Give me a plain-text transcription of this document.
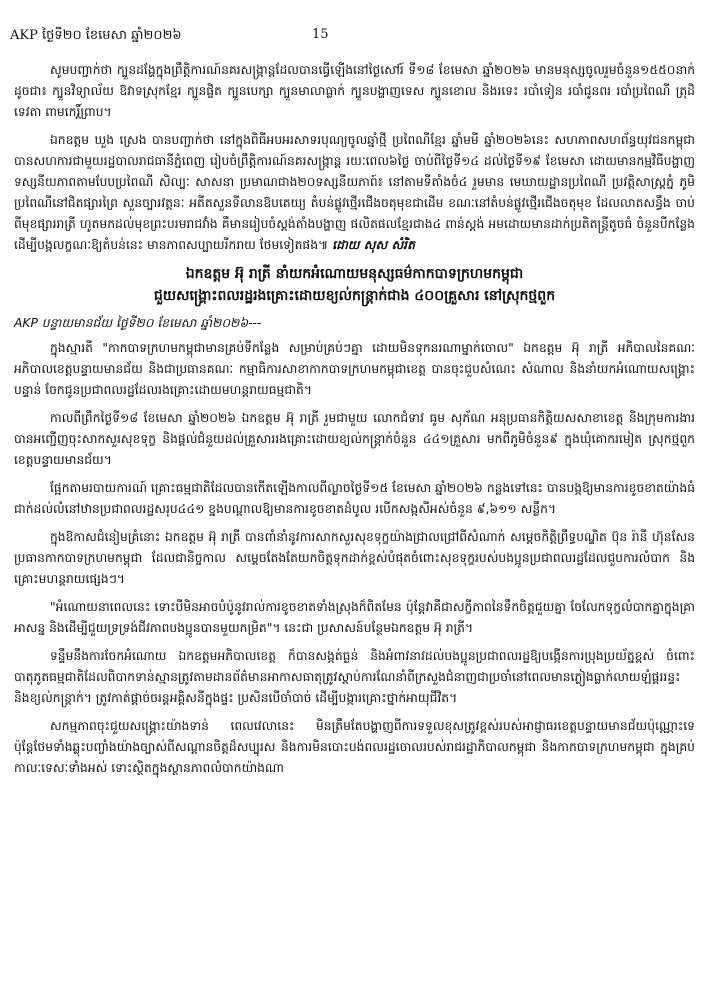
AKP ថ្ងៃទី២០ ខែមេសា ឆ្នាំ២០២៦	15

សូមបញ្ជាក់ថា ក្បួនដង្ហែក្នុងព្រឹត្តិការណ៍នគរសង្ក្រាន្តដែលបានធ្វើឡើងនៅថ្ងៃសៅរ៍ ទី១៨ ខែមេសា ឆ្នាំ២០២៦ មានមនុស្សចូលរួមចំនួន១៥៥០នាក់ ដូចជា៖ ក្បួនវិទ្យាល័យ ឱវាទស្រុកខ្មែរ ក្បួនផ្ចិត ក្បួនបេក្សា ក្បួនមាលាធ្លាក់ ក្បួនបង្ហាញទេស ក្បួនខោល និងរទេះ របាំទៀន របាំជូនពរ របាំប្រពៃណី ត្រុដិ ទេវតា ពាមកេរ្តិ៍ព្រាប។

ឯកឧត្តម ឃួង ស្រេង បានបញ្ជាក់ថា នៅក្នុងពិធីអបអរសាទរបុណ្យចូលឆ្នាំថ្មី ប្រពៃណីខ្មែរ ឆ្នាំមមី ឆ្នាំ២០២៦នេះ សហភាពសហព័ន្ធយុវជនកម្ពុជា បានសហការជាមួយរដ្ឋបាលរាជធានីភ្នំពេញ រៀបចំព្រឹត្តិការណ៍នគរសង្ក្រាន្ត រយៈពេល៦ថ្ងៃ ចាប់ពីថ្ងៃទី១៤ ដល់ថ្ងៃទី១៩ ខែមេសា ដោយមានកម្មវិធីបង្ហាញទស្សនីយភាពតាមបែបប្រពៃណី សិល្បៈ សាសនា ប្រមាណជាង២០ទស្សនីយភាព៍៖ នៅតាមទីតាំងចំ៤ រួមមាន មេឃាយដ្ឋានប្រពៃណី ប្រវត្តិសាស្ត្រភ្នំ ភូមិប្រពៃណីនៅជិតផ្សារព្រៃ សួនច្បារវត្តនៈ អតីតសួនទីលានឱបតេយ្យ តំបន់ផ្លូវថ្មើរជើងចតុមុខជាដើម ខណៈនៅតំបន់ផ្លូវថ្មើរជើងចតុមុខ ដែលលាតសន្ធឹង ចាប់ពីមុខផ្សាររាត្រី ហូតមកដល់មុខព្រះបរមរាជវាំង គឺមានរៀបចំស្តង់តាំងបង្ហាញ ផលិតផលខ្មែរជាង៤ ពាន់ស្តង់ អមដោយមានដាក់ប្រតិតន្ត្រីតូចធំ ចំនួនបីកន្លែង ដើម្បីបង្កលក្ខណៈឱ្យតំបន់នេះ មានភាពសប្បាយរីករាយ ថែមទៀតផង៕ ដោយ សុស សំរិត

ឯកឧត្តម អ៊ុ រាត្រី នាំយកអំណោយមនុស្សធម៌កាកបាទក្រហមកម្ពុជា
ជួយសង្គ្រោះពលរដ្ឋរងគ្រោះដោយខ្យល់កន្ត្រាក់ជាង ៤០០គ្រួសារ នៅស្រុកថ្មពួក
AKP បន្ទាយមានជ័យ ថ្ងៃទី២០ ខែមេសា ឆ្នាំ២០២៦---

ក្នុងស្មារតី "កាកបាទក្រហមកម្ពុជាមានគ្រប់ទីកន្លែង សម្រាប់គ្រប់ៗគ្នា ដោយមិនទុកនរណាម្នាក់ចោល" ឯកឧត្តម អ៊ុ រាត្រី អភិបាលនៃគណៈអភិបាលខេត្តបន្ទាយមានជ័យ និងជាប្រធានគណៈ កម្មាធិការសាខាកាកបាទក្រហមកម្ពុជាខេត្ត បានចុះជួបសំណេះ សំណាល និងនាំយកអំណោយសង្គ្រោះបន្ទាន់ ចែកជូនប្រជាពលរដ្ឋដែលរងគ្រោះដោយមហន្តរាយធម្មជាតិ។

កាលពីព្រឹកថ្ងៃទី១៨ ខែមេសា ឆ្នាំ២០២៦ ឯកឧត្តម អ៊ុ រាត្រី រួមជាមួយ លោកជំទាវ ធូម សុភ័ណ អនុប្រធានកិត្តិយសសាខាខេត្ត និងក្រុមការងារ បានអញ្ជើញចុះសាកសួរសុខទុក្ខ និងផ្តល់ជំនួយដល់គ្រួសាររងគ្រោះដោយខ្យល់កន្ត្រាក់ចំនួន ៤៤១គ្រួសារ មកពីភូមិចំនួន៩ ក្នុងឃុំគោករមៀត ស្រុកថ្មពួក ខេត្តបន្ទាយមានជ័យ។

ផ្អែកតាមរបាយការណ៍ គ្រោះធម្មជាតិដែលបានកើតឡើងកាលពីល្ងាចថ្ងៃទី១៥ ខែមេសា ឆ្នាំ២០២៦ កន្លងទៅនេះ បានបង្កឱ្យមានការខូចខាតយ៉ាងធំ ជាក់ដល់លំនៅឋានប្រជាពលរដ្ឋសរុប៤៤១ ខ្នងបណ្តាលឱ្យមានការខូចខាតដំបូល របើកសង្កសីអស់ចំនួន ៩,៦១១ សន្លឹក។

ក្នុងឱកាសជំនៀមគ្រំនោះ ឯកឧត្តម អ៊ុ រាត្រី បានពាំនាំនូវការសាកសួរសុខទុក្ខយ៉ាងជ្រាលជ្រៅពីសំណាក់ សម្តេចកិត្តិព្រឹទ្ធបណ្ឌិត ប៊ុន រ៉ានី ហ៊ុនសែនប្រធានកាកបាទក្រហមកម្ពុជា ដែលជានិច្ចកាល សម្តេចតែងតែយកចិត្តទុកដាក់ខ្ពស់បំផុតចំពោះសុខទុក្ខរបស់បងប្អូនប្រជាពលរដ្ឋដែលជួបការលំបាក និងគ្រោះមហន្តរាយផ្សេងៗ។

"អំណោយនាពេលនេះ ទោះបីមិនអាចបំប៉ូនូវរាល់ការខូចខាតទាំងស្រុងក៏ពិតមែន ប៉ុន្តែវាគឺជាសក្ខីភាពនៃទឹកចិត្តជួយគ្នា ចែលែកទុក្ខលំបាកគ្នាក្នុងគ្រាអាសន្ន និងដើម្បីជួយទ្រទ្រង់ជីវភាពបងប្អូនបានមួយកម្រិត"។ នេះជា ប្រសាសន៍បន្ថែមឯកឧត្តម អ៊ុ រាត្រី។

ទន្ទឹមនឹងការចែកអំណោយ ឯកឧត្តមអភិបាលខេត្ត ក៏បានសង្កត់ធ្ងន់ និងអំពាវនាវដល់បងប្អូនប្រជាពលរដ្ឋឱ្យបង្កើនការប្រុងប្រយ័ត្នខ្ពស់ ចំពោះបាតុភូតធម្មជាតិដែលពិបាកទាន់ស្មានត្រូវតាមដានព័ត៌មានអាកាសធាតុត្រូវស្តាប់ការណែនាំពីក្រសួងជំនាញជាប្រចាំនៅពេលមានភ្លៀងធ្លាក់លាយឡំផ្គររន្ទះ និងខ្យល់កន្ត្រាក់។ ត្រូវកាត់ផ្តាច់ចរន្តអគ្គិសនីក្នុងផ្ទះ ប្រសិនបើចាំបាច់ ដើម្បីបង្ការគ្រោះថ្នាក់អាយុជីវិត។

សកម្មភាពចុះជួយសង្គ្រោះយ៉ាងទាន់ ពេលវេលានេះ មិនត្រឹមតែបង្ហាញពីការទទួលខុសត្រូវខ្ពស់របស់អាជ្ញាធរខេត្តបន្ទាយមានជ័យប៉ុណ្ណោះទេ ប៉ុន្តែថែមទាំងឆ្លុះបញ្ចាំងយ៉ាងច្បាស់ពីសណ្តានចិត្តដ៏សប្បុរស និងការមិនបោះបង់ពលរដ្ឋចោលរបស់រាជរដ្ឋាភិបាលកម្ពុជា និងកាកបាទក្រហមកម្ពុជា ក្នុងគ្រប់កាលៈទេសៈទាំងអស់ ទោះស្ថិតក្នុងស្ថានភាពលំបាកយ៉ាងណា
